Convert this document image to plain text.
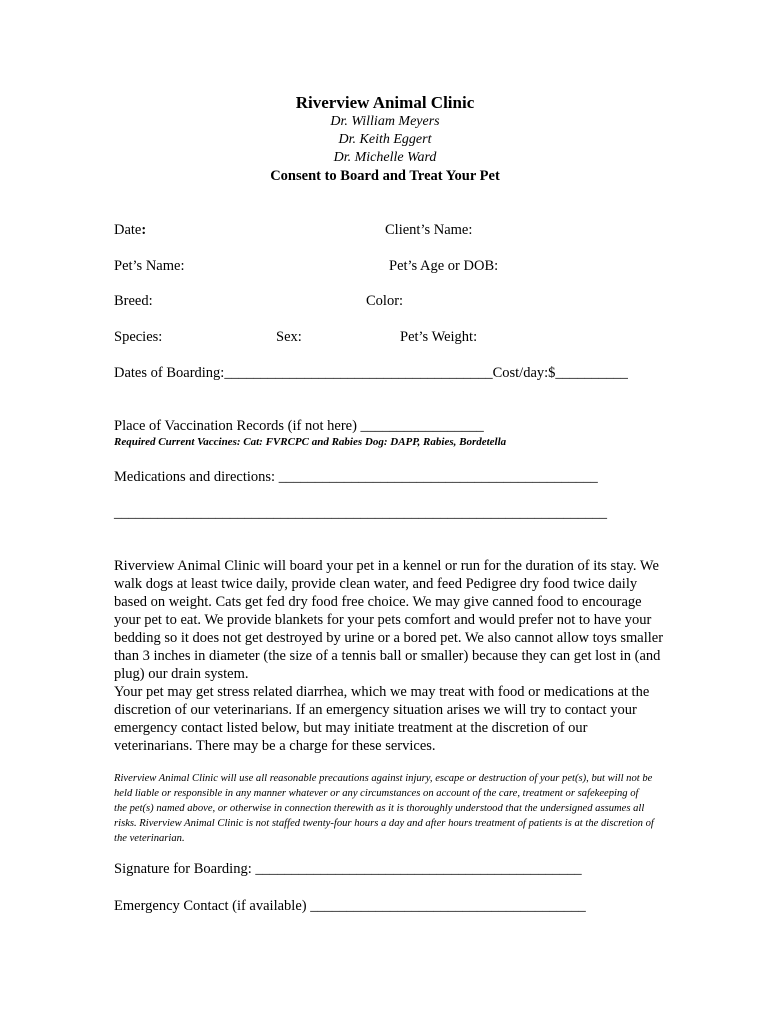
Riverview Animal Clinic
Dr. William Meyers
Dr. Keith Eggert
Dr. Michelle Ward
Consent to Board and Treat Your Pet
Date:	Client’s Name:
Pet’s Name:	Pet’s Age or DOB:
Breed:	Color:
Species:	Sex:	Pet’s Weight:
Dates of Boarding:_____________________________________Cost/day:$__________
Place of Vaccination Records (if not here) _________________
Required Current Vaccines: Cat: FVRCPC and Rabies Dog: DAPP, Rabies, Bordetella
Medications and directions: ____________________________________________
____________________________________________________________________
Riverview Animal Clinic will board your pet in a kennel or run for the duration of its stay. We walk dogs at least twice daily, provide clean water, and feed Pedigree dry food twice daily based on weight. Cats get fed dry food free choice. We may give canned food to encourage your pet to eat. We provide blankets for your pets comfort and would prefer not to have your bedding so it does not get destroyed by urine or a bored pet. We also cannot allow toys smaller than 3 inches in diameter (the size of a tennis ball or smaller) because they can get lost in (and plug) our drain system.
Your pet may get stress related diarrhea, which we may treat with food or medications at the discretion of our veterinarians. If an emergency situation arises we will try to contact your emergency contact listed below, but may initiate treatment at the discretion of our veterinarians. There may be a charge for these services.
Riverview Animal Clinic will use all reasonable precautions against injury, escape or destruction of your pet(s), but will not be held liable or responsible in any manner whatever or any circumstances on account of the care, treatment or safekeeping of the pet(s) named above, or otherwise in connection therewith as it is thoroughly understood that the undersigned assumes all risks. Riverview Animal Clinic is not staffed twenty-four hours a day and after hours treatment of patients is at the discretion of the veterinarian.
Signature for Boarding: _____________________________________________
Emergency Contact (if available) ______________________________________
